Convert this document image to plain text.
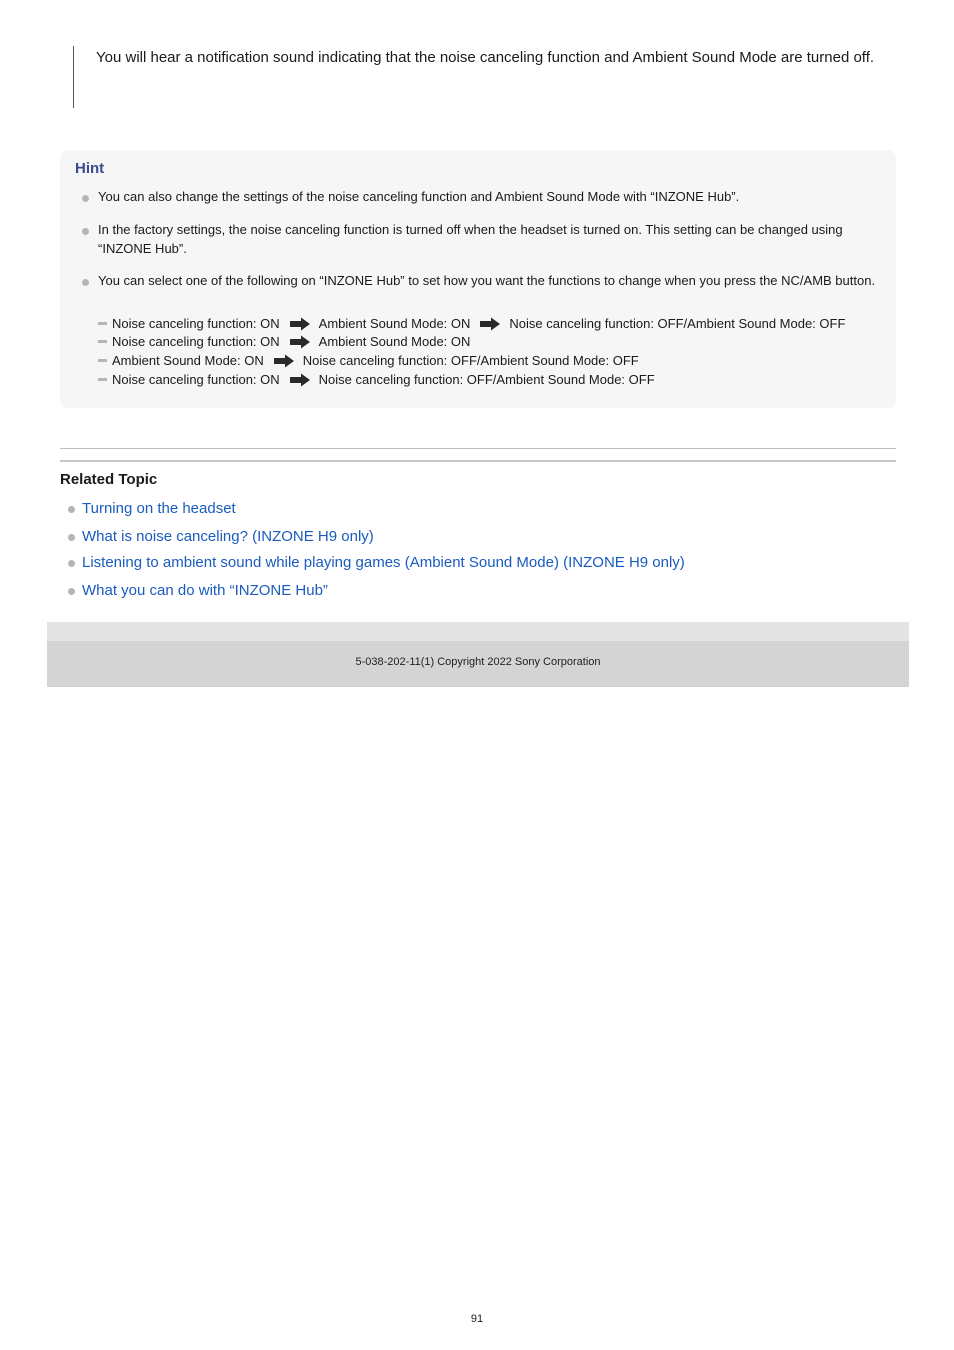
You will hear a notification sound indicating that the noise canceling function and Ambient Sound Mode are turned off.

Hint
You can also change the settings of the noise canceling function and Ambient Sound Mode with “INZONE Hub”.
In the factory settings, the noise canceling function is turned off when the headset is turned on. This setting can be changed using “INZONE Hub”.
You can select one of the following on “INZONE Hub” to set how you want the functions to change when you press the NC/AMB button.
Noise canceling function: ON	Ambient Sound Mode: ON	Noise canceling function: OFF/Ambient Sound Mode: OFF
Noise canceling function: ON	Ambient Sound Mode: ON
Ambient Sound Mode: ON	Noise canceling function: OFF/Ambient Sound Mode: OFF
Noise canceling function: ON	Noise canceling function: OFF/Ambient Sound Mode: OFF
Related Topic
Turning on the headset
What is noise canceling? (INZONE H9 only)
Listening to ambient sound while playing games (Ambient Sound Mode) (INZONE H9 only)
What you can do with “INZONE Hub”
5-038-202-11(1) Copyright 2022 Sony Corporation
91
